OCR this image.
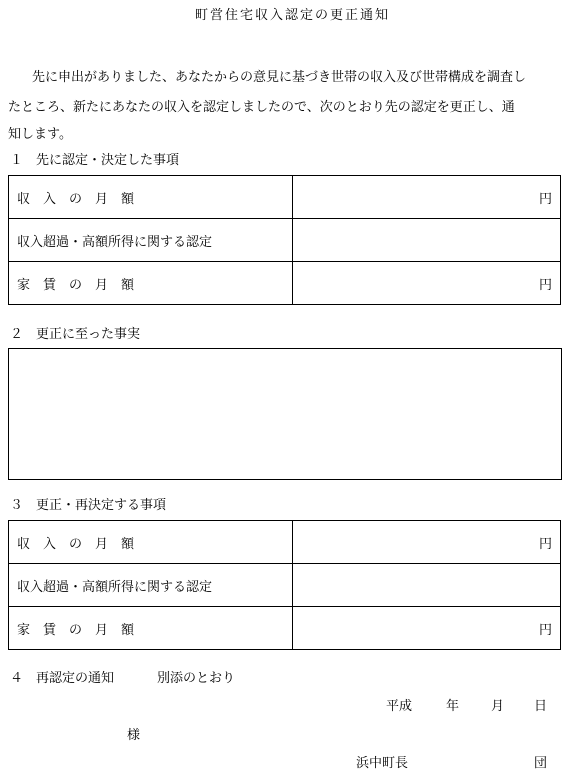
町営住宅収入認定の更正通知
先に申出がありました、あなたからの意見に基づき世帯の収入及び世帯構成を調査し
たところ、新たにあなたの収入を認定しましたので、次のとおり先の認定を更正し、通
知します。
１　先に認定・決定した事項
収入の月額	円
収入超過・高額所得に関する認定	
家賃の月額	円
２　更正に至った事実
３　更正・再決定する事項
収入の月額	円
収入超過・高額所得に関する認定	
家賃の月額	円
４　再認定の通知	別添のとおり
平成	年 月 日
様
浜中町長	団
